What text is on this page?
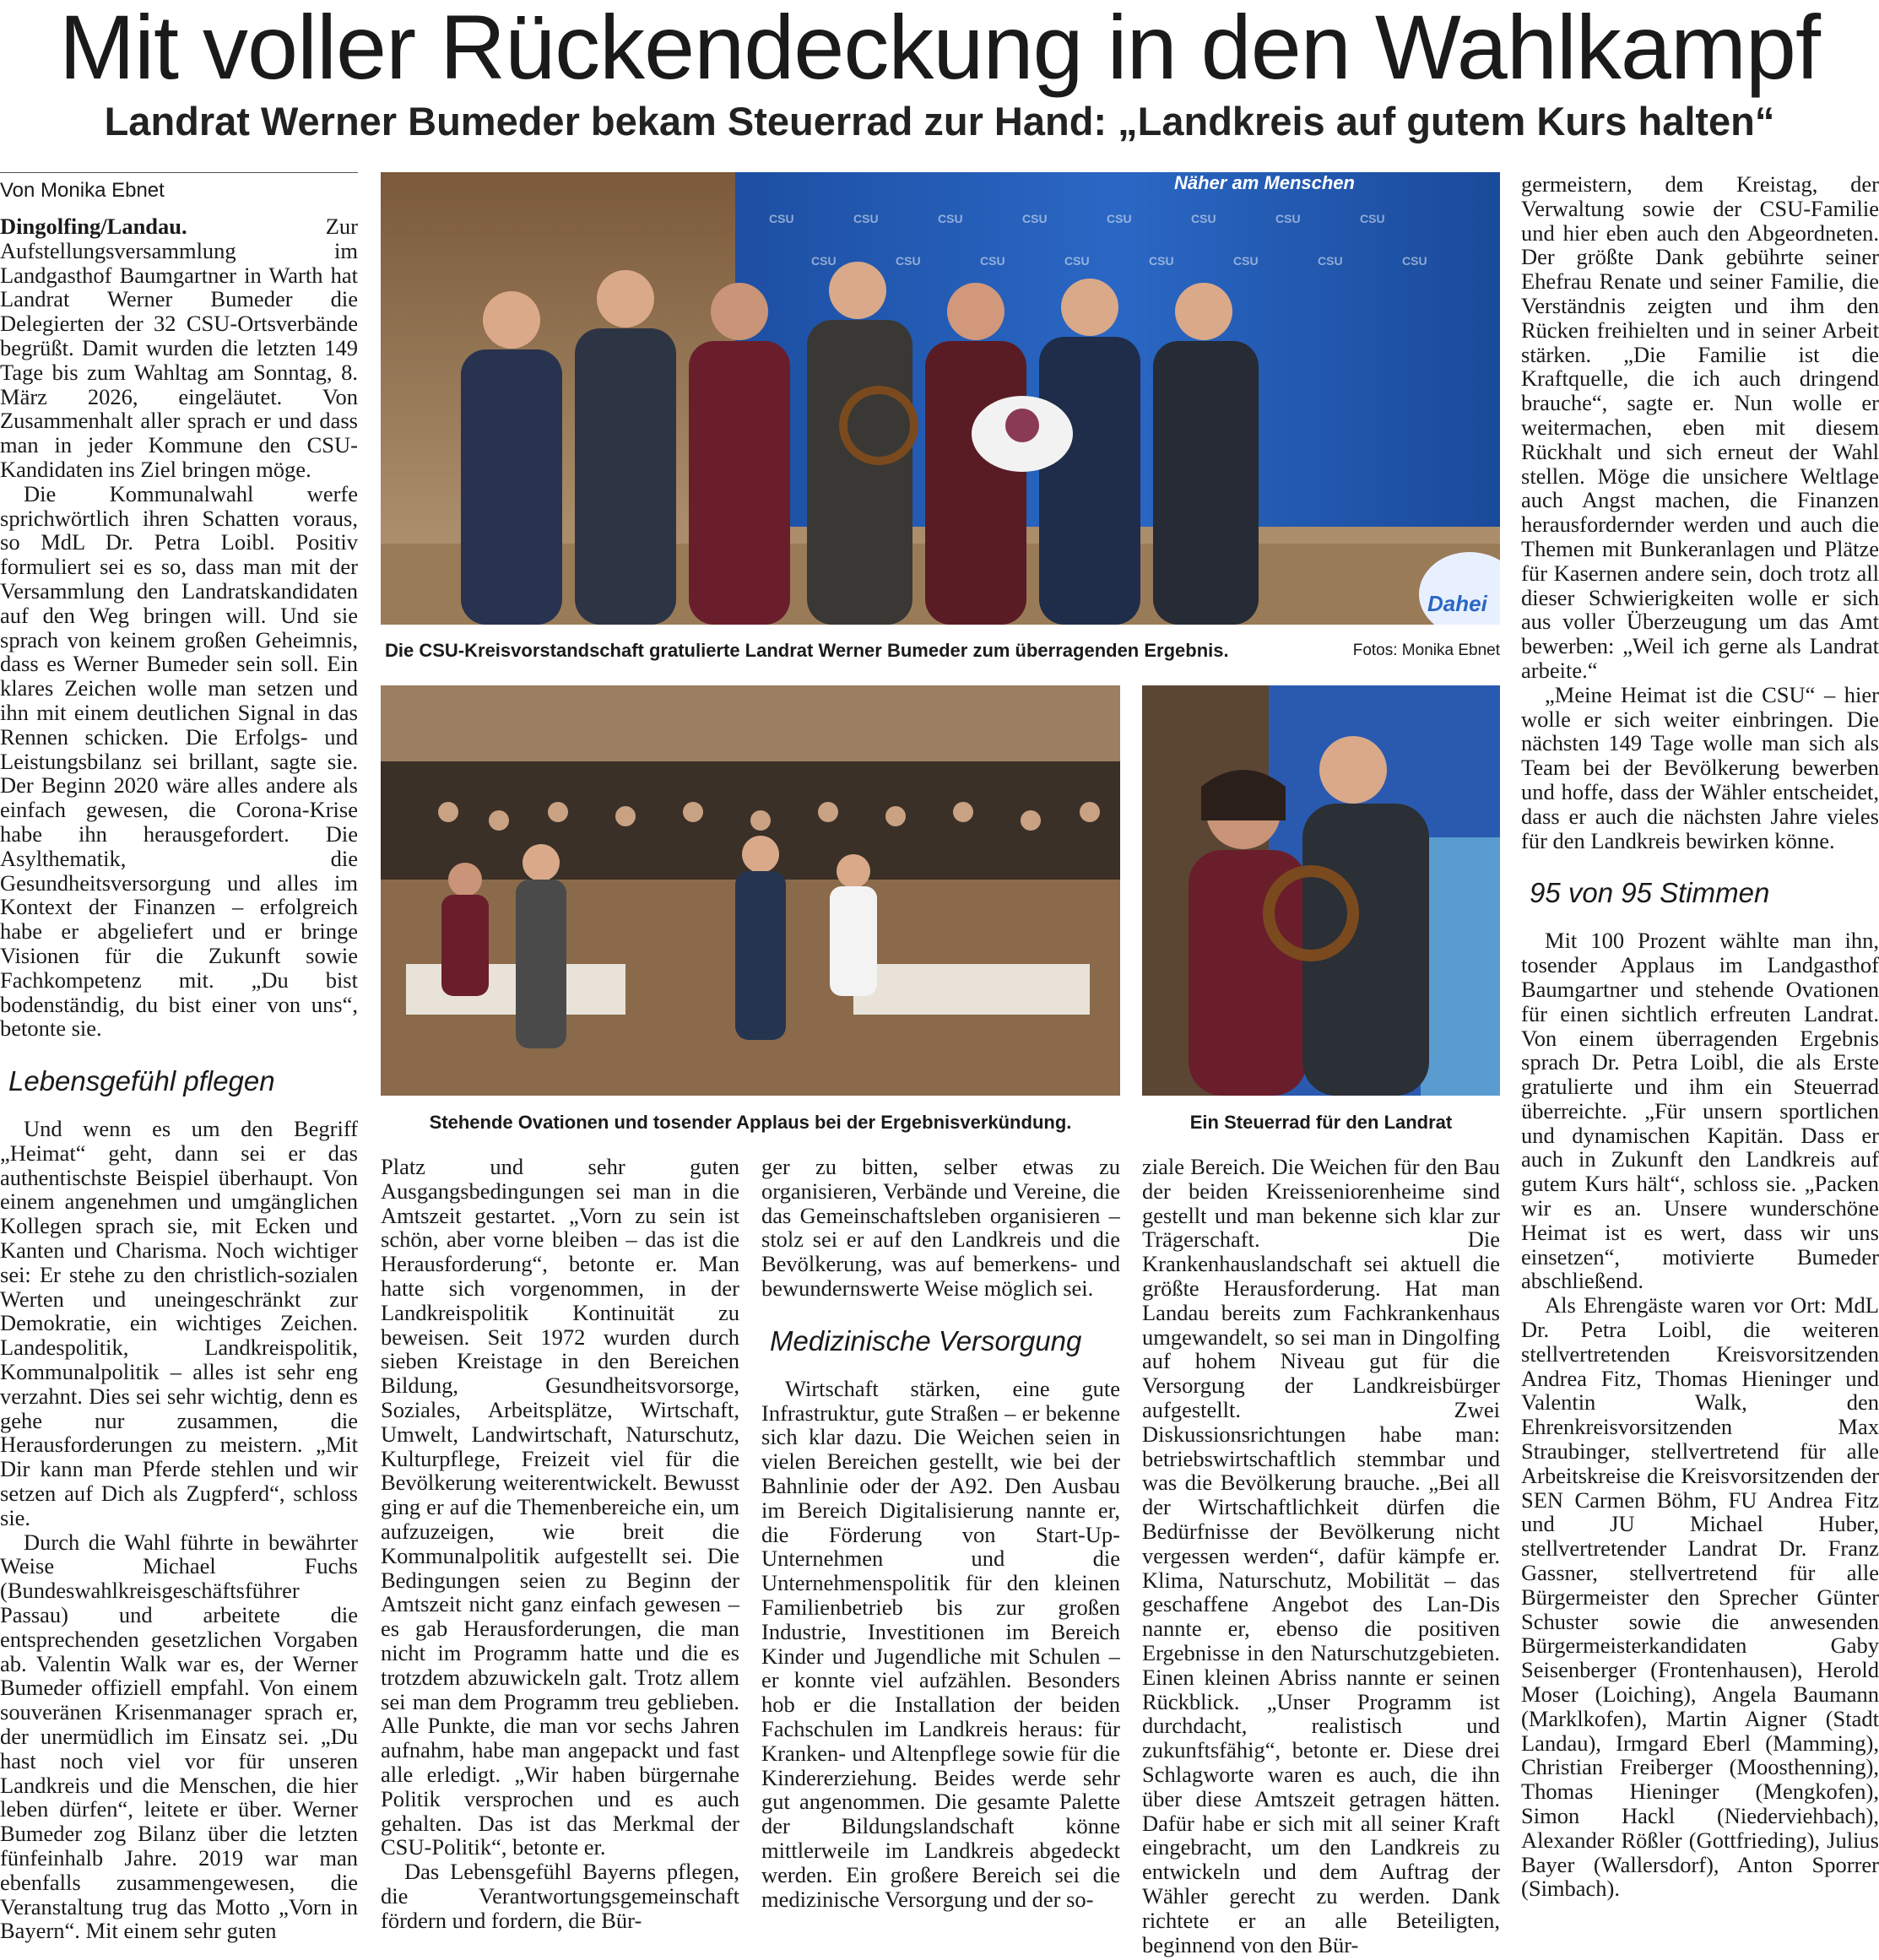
Mit voller Rückendeckung in den Wahlkampf
Landrat Werner Bumeder bekam Steuerrad zur Hand: „Landkreis auf gutem Kurs halten“
Von Monika Ebnet

Dingolfing/Landau.	Zur Aufstellungsversammlung im Landgasthof Baumgartner in Warth hat Landrat Werner Bumeder die Delegierten der 32 CSU-Ortsverbände begrüßt. Damit wurden die letzten 149 Tage bis zum Wahltag am Sonntag, 8. März 2026, eingeläutet. Von Zusammenhalt aller sprach er und dass man in jeder Kommune den CSU-Kandidaten ins Ziel bringen möge.

Die Kommunalwahl werfe sprichwörtlich ihren Schatten voraus, so MdL Dr. Petra Loibl. Positiv formuliert sei es so, dass man mit der Versammlung den Landratskandidaten auf den Weg bringen will. Und sie sprach von keinem großen Geheimnis, dass es Werner Bumeder sein soll. Ein klares Zeichen wolle man setzen und ihn mit einem deutlichen Signal in das Rennen schicken. Die Erfolgs- und Leistungsbilanz sei brillant, sagte sie. Der Beginn 2020 wäre alles andere als einfach gewesen, die Corona-Krise habe ihn herausgefordert. Die Asylthematik, die Gesundheitsversorgung und alles im Kontext der Finanzen – erfolgreich habe er abgeliefert und er bringe Visionen für die Zukunft sowie Fachkompetenz mit. „Du bist bodenständig, du bist einer von uns“, betonte sie.

Lebensgefühl pflegen

Und wenn es um den Begriff „Heimat“ geht, dann sei er das authentischste Beispiel überhaupt. Von einem angenehmen und umgänglichen Kollegen sprach sie, mit Ecken und Kanten und Charisma. Noch wichtiger sei: Er stehe zu den christlich-sozialen Werten und uneingeschränkt zur Demokratie, ein wichtiges Zeichen. Landespolitik, Landkreispolitik, Kommunalpolitik – alles ist sehr eng verzahnt. Dies sei sehr wichtig, denn es gehe nur zusammen, die Herausforderungen zu meistern. „Mit Dir kann man Pferde stehlen und wir setzen auf Dich als Zugpferd“, schloss sie.

Durch die Wahl führte in bewährter Weise Michael Fuchs (Bundeswahlkreisgeschäftsführer Passau) und arbeitete die entsprechenden gesetzlichen Vorgaben ab. Valentin Walk war es, der Werner Bumeder offiziell empfahl. Von einem souveränen Krisenmanager sprach er, der unermüdlich im Einsatz sei. „Du hast noch viel vor für unseren Landkreis und die Menschen, die hier leben dürfen“, leitete er über. Werner Bumeder zog Bilanz über die letzten fünfeinhalb Jahre. 2019 war man ebenfalls zusammengewesen, die Veranstaltung trug das Motto „Vorn in Bayern“. Mit einem sehr guten

CSU	CSU	CSU	CSU	CSU	CSU	CSU	CSU
CSU	CSU	CSU	CSU	CSU	CSU	CSU	CSU
Näher am Menschen
Dahei
Die CSU-Kreisvorstandschaft gratulierte Landrat Werner Bumeder zum überragenden Ergebnis.	Fotos: Monika Ebnet
Stehende Ovationen und tosender Applaus bei der Ergebnisverkündung.	Ein Steuerrad für den Landrat

Platz und sehr guten Ausgangsbedingungen sei man in die Amtszeit gestartet. „Vorn zu sein ist schön, aber vorne bleiben – das ist die Herausforderung“, betonte er. Man hatte sich vorgenommen, in der Landkreispolitik Kontinuität zu beweisen. Seit 1972 wurden durch sieben Kreistage in den Bereichen Bildung, Gesundheitsvorsorge, Soziales, Arbeitsplätze, Wirtschaft, Umwelt, Landwirtschaft, Naturschutz, Kulturpflege, Freizeit viel für die Bevölkerung weiterentwickelt. Bewusst ging er auf die Themenbereiche ein, um aufzuzeigen, wie breit die Kommunalpolitik aufgestellt sei. Die Bedingungen seien zu Beginn der Amtszeit nicht ganz einfach gewesen – es gab Herausforderungen, die man nicht im Programm hatte und die es trotzdem abzuwickeln galt. Trotz allem sei man dem Programm treu geblieben. Alle Punkte, die man vor sechs Jahren aufnahm, habe man angepackt und fast alle erledigt. „Wir haben bürgernahe Politik versprochen und es auch gehalten. Das ist das Merkmal der CSU-Politik“, betonte er.

Das Lebensgefühl Bayerns pflegen, die Verantwortungsgemeinschaft fördern und fordern, die Bür-

ger zu bitten, selber etwas zu organisieren, Verbände und Vereine, die das Gemeinschaftsleben organisieren – stolz sei er auf den Landkreis und die Bevölkerung, was auf bemerkens- und bewundernswerte Weise möglich sei.

Medizinische Versorgung

Wirtschaft stärken, eine gute Infrastruktur, gute Straßen – er bekenne sich klar dazu. Die Weichen seien in vielen Bereichen gestellt, wie bei der Bahnlinie oder der A92. Den Ausbau im Bereich Digitalisierung nannte er, die Förderung von Start-Up-Unternehmen und die Unternehmenspolitik für den kleinen Familienbetrieb bis zur großen Industrie, Investitionen im Bereich Kinder und Jugendliche mit Schulen – er konnte viel aufzählen. Besonders hob er die Installation der beiden Fachschulen im Landkreis heraus: für Kranken- und Altenpflege sowie für die Kindererziehung. Beides werde sehr gut angenommen. Die gesamte Palette der Bildungslandschaft könne mittlerweile im Landkreis abgedeckt werden. Ein großere Bereich sei die medizinische Versorgung und der so-

ziale Bereich. Die Weichen für den Bau der beiden Kreisseniorenheime sind gestellt und man bekenne sich klar zur Trägerschaft. Die Krankenhauslandschaft sei aktuell die größte Herausforderung. Hat man Landau bereits zum Fachkrankenhaus umgewandelt, so sei man in Dingolfing auf hohem Niveau gut für die Versorgung der Landkreisbürger aufgestellt. Zwei Diskussionsrichtungen habe man: betriebswirtschaftlich stemmbar und was die Bevölkerung brauche. „Bei all der Wirtschaftlichkeit dürfen die Bedürfnisse der Bevölkerung nicht vergessen werden“, dafür kämpfe er. Klima, Naturschutz, Mobilität – das geschaffene Angebot des Lan-Dis nannte er, ebenso die positiven Ergebnisse in den Naturschutzgebieten. Einen kleinen Abriss nannte er seinen Rückblick. „Unser Programm ist durchdacht, realistisch und zukunftsfähig“, betonte er. Diese drei Schlagworte waren es auch, die ihn über diese Amtszeit getragen hätten. Dafür habe er sich mit all seiner Kraft eingebracht, um den Landkreis zu entwickeln und dem Auftrag der Wähler gerecht zu werden. Dank richtete er an alle Beteiligten, beginnend von den Bür-

germeistern, dem Kreistag, der Verwaltung sowie der CSU-Familie und hier eben auch den Abgeordneten. Der größte Dank gebührte seiner Ehefrau Renate und seiner Familie, die Verständnis zeigten und ihm den Rücken freihielten und in seiner Arbeit stärken. „Die Familie ist die Kraftquelle, die ich auch dringend brauche“, sagte er. Nun wolle er weitermachen, eben mit diesem Rückhalt und sich erneut der Wahl stellen. Möge die unsichere Weltlage auch Angst machen, die Finanzen herausfordernder werden und auch die Themen mit Bunkeranlagen und Plätze für Kasernen andere sein, doch trotz all dieser Schwierigkeiten wolle er sich aus voller Überzeugung um das Amt bewerben: „Weil ich gerne als Landrat arbeite.“

„Meine Heimat ist die CSU“ – hier wolle er sich weiter einbringen. Die nächsten 149 Tage wolle man sich als Team bei der Bevölkerung bewerben und hoffe, dass der Wähler entscheidet, dass er auch die nächsten Jahre vieles für den Landkreis bewirken könne.

95 von 95 Stimmen

Mit 100 Prozent wählte man ihn, tosender Applaus im Landgasthof Baumgartner und stehende Ovationen für einen sichtlich erfreuten Landrat. Von einem überragenden Ergebnis sprach Dr. Petra Loibl, die als Erste gratulierte und ihm ein Steuerrad überreichte. „Für unsern sportlichen und dynamischen Kapitän. Dass er auch in Zukunft den Landkreis auf gutem Kurs hält“, schloss sie. „Packen wir es an. Unsere wunderschöne Heimat ist es wert, dass wir uns einsetzen“, motivierte Bumeder abschließend.

Als Ehrengäste waren vor Ort: MdL Dr. Petra Loibl, die weiteren stellvertretenden Kreisvorsitzenden Andrea Fitz, Thomas Hieninger und Valentin Walk, den Ehrenkreisvorsitzenden Max Straubinger, stellvertretend für alle Arbeitskreise die Kreisvorsitzenden der SEN Carmen Böhm, FU Andrea Fitz und JU Michael Huber, stellvertretender Landrat Dr. Franz Gassner, stellvertretend für alle Bürgermeister den Sprecher Günter Schuster sowie die anwesenden Bürgermeisterkandidaten Gaby Seisenberger (Frontenhausen), Herold Moser (Loiching), Angela Baumann (Marklkofen), Martin Aigner (Stadt Landau), Irmgard Eberl (Mamming), Christian Freiberger (Moosthenning), Thomas Hieninger (Mengkofen), Simon Hackl (Niederviehbach), Alexander Rößler (Gottfrieding), Julius Bayer (Wallersdorf), Anton Sporrer (Simbach).
